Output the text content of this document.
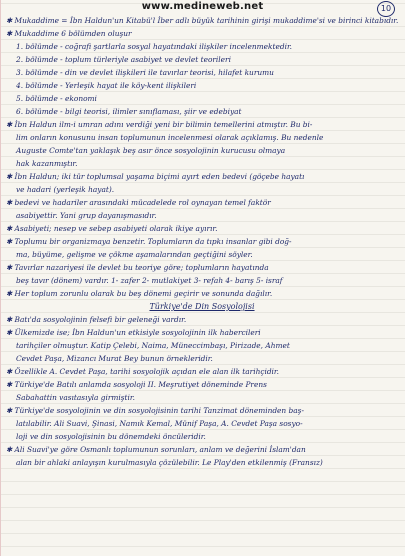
www.medineweb.net	10
✱ Mukaddime = İbn Haldun'un Kitabü'l İber adlı büyük tarihinin girişi mukaddime'si ve birinci kitabıdır.
✱ Mukaddime 6 bölümden oluşur
1. bölümde - coğrafi şartlarla sosyal hayatındaki ilişkiler incelenmektedir.
2. bölümde - toplum türleriyle asabiyet ve devlet teorileri
3. bölümde - din ve devlet ilişkileri ile tavırlar teorisi, hilafet kurumu
4. bölümde - Yerleşik hayat ile köy-kent ilişkileri
5. bölümde - ekonomi
6. bölümde - bilgi teorisi, ilimler sınıflaması, şiir ve edebiyat
✱ İbn Haldun ilm-i umran adını verdiği yeni bir bilimin temellerini atmıştır. Bu bi-
lim onların konusunu insan toplumunun incelenmesi olarak açıklamış. Bu nedenle
Auguste Comte'tan yaklaşık beş asır önce sosyolojinin kurucusu olmaya
hak kazanmıştır.
✱ İbn Haldun; iki tür toplumsal yaşama biçimi ayırt eden bedevi (göçebe hayatı
ve hadari (yerleşik hayat).
✱ bedevi ve hadariler arasındaki mücadelede rol oynayan temel faktör
asabiyettir. Yani grup dayanışmasıdır.
✱ Asabiyeti; nesep ve sebep asabiyeti olarak ikiye ayırır.
✱ Toplumu bir organizmaya benzetir. Toplumların da tıpkı insanlar gibi doğ-
ma, büyüme, gelişme ve çökme aşamalarından geçtiğini söyler.
✱ Tavırlar nazariyesi ile devlet bu teoriye göre; toplumların hayatında
beş tavır (dönem) vardır. 1- zafer 2- mutlakiyet 3- refah 4- barış 5- israf
✱ Her toplum zorunlu olarak bu beş dönemi geçirir ve sonunda dağılır.
Türkiye'de Din Sosyolojisi
✱ Batı'da sosyolojinin felsefi bir geleneği vardır.
✱ Ülkemizde ise; İbn Haldun'un etkisiyle sosyolojinin ilk habercileri
tarihçiler olmuştur. Katip Çelebi, Naima, Müneccimbaşı, Pirizade, Ahmet
Cevdet Paşa, Mizancı Murat Bey bunun örnekleridir.
✱ Özellikle A. Cevdet Paşa, tarihi sosyolojik açıdan ele alan ilk tarihçidir.
✱ Türkiye'de Batılı anlamda sosyoloji II. Meşrutiyet döneminde Prens
Sabahattin vasıtasıyla girmiştir.
✱ Türkiye'de sosyolojinin ve din sosyolojisinin tarihi Tanzimat döneminden baş-
latılabilir. Ali Suavi, Şinasi, Namık Kemal, Münif Paşa, A. Cevdet Paşa sosyo-
loji ve din sosyolojisinin bu dönemdeki öncüleridir.
✱ Ali Suavi'ye göre Osmanlı toplumunun sorunları, anlam ve değerini İslam'dan
alan bir ahlaki anlayışın kurulmasıyla çözülebilir. Le Play'den etkilenmiş (Fransız)
